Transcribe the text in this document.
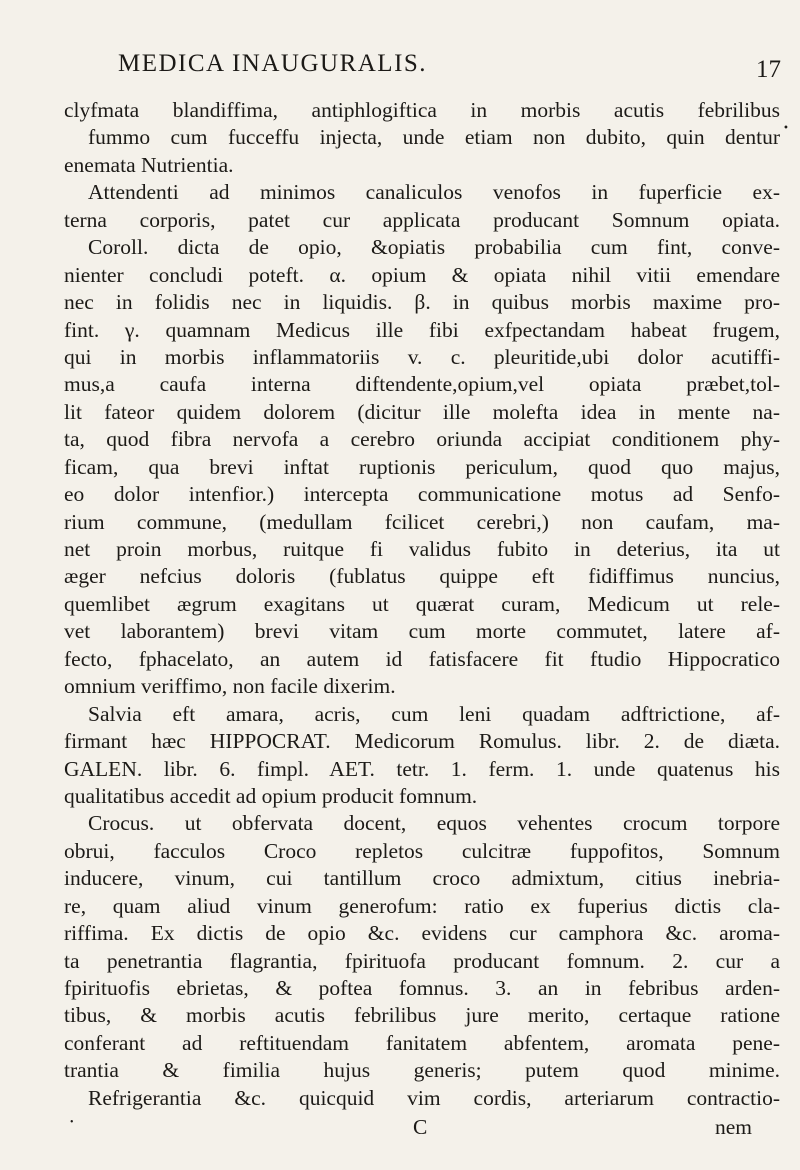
MEDICA INAUGURALIS.	17
•
clyfmata blandiffima, antiphlogiftica in morbis acutis febrilibus
fummo cum fucceffu injecta, unde etiam non dubito, quin dentur
enemata Nutrientia.
Attendenti ad minimos canaliculos venofos in fuperficie ex-
terna corporis, patet cur applicata producant Somnum opiata.
Coroll. dicta de opio, &opiatis probabilia cum fint, conve-
nienter concludi poteft. α. opium & opiata nihil vitii emendare
nec in folidis nec in liquidis. β. in quibus morbis maxime pro-
fint. γ. quamnam Medicus ille fibi exfpectandam habeat frugem,
qui in morbis inflammatoriis v. c. pleuritide,ubi dolor acutiffi-
mus,a caufa interna diftendente,opium,vel opiata præbet,tol-
lit fateor quidem dolorem (dicitur ille molefta idea in mente na-
ta, quod fibra nervofa a cerebro oriunda accipiat conditionem phy-
ficam, qua brevi inftat ruptionis periculum, quod quo majus,
eo dolor intenfior.) intercepta communicatione motus ad Senfo-
rium commune, (medullam fcilicet cerebri,) non caufam, ma-
net proin morbus, ruitque fi validus fubito in deterius, ita ut
æger nefcius doloris (fublatus quippe eft fidiffimus nuncius,
quemlibet ægrum exagitans ut quærat curam, Medicum ut rele-
vet laborantem) brevi vitam cum morte commutet, latere af-
fecto, fphacelato, an autem id fatisfacere fit ftudio Hippocratico
omnium veriffimo, non facile dixerim.
Salvia eft amara, acris, cum leni quadam adftrictione, af-
firmant hæc HIPPOCRAT. Medicorum Romulus. libr. 2. de diæta.
GALEN. libr. 6. fimpl. AET. tetr. 1. ferm. 1. unde quatenus his
qualitatibus accedit ad opium producit fomnum.
Crocus. ut obfervata docent, equos vehentes crocum torpore
obrui, facculos Croco repletos culcitræ fuppofitos, Somnum
inducere, vinum, cui tantillum croco admixtum, citius inebria-
re, quam aliud vinum generofum: ratio ex fuperius dictis cla-
riffima. Ex dictis de opio &c. evidens cur camphora &c. aroma-
ta penetrantia flagrantia, fpirituofa producant fomnum. 2. cur a
fpirituofis ebrietas, & poftea fomnus. 3. an in febribus arden-
tibus, & morbis acutis febrilibus jure merito, certaque ratione
conferant ad reftituendam fanitatem abfentem, aromata pene-
trantia & fimilia hujus generis; putem quod minime.
Refrigerantia &c. quicquid vim cordis, arteriarum contractio-
•	C	nem
